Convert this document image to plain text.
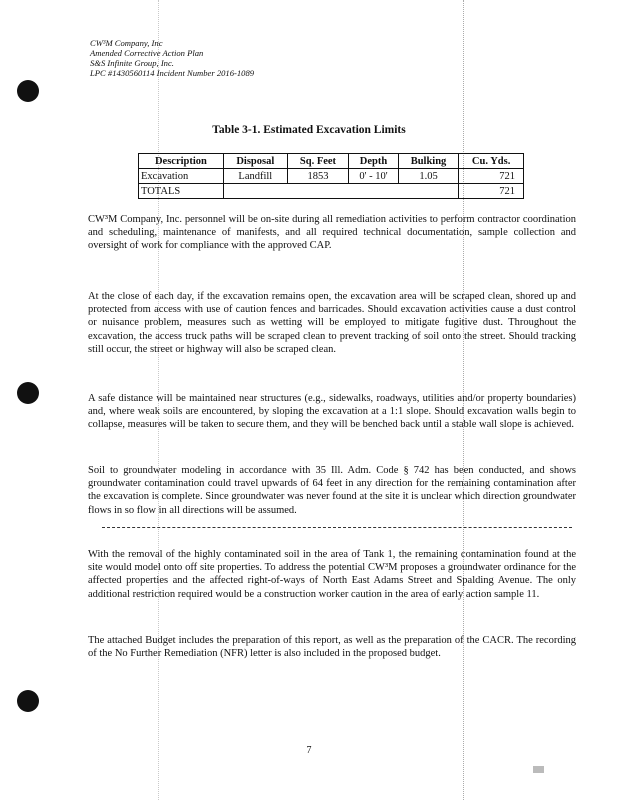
CW³M Company, Inc
Amended Corrective Action Plan
S&S Infinite Group, Inc.
LPC #1430560114 Incident Number 2016-1089
Table 3-1. Estimated Excavation Limits
Description	Disposal	Sq. Feet	Depth	Bulking	Cu. Yds.
Excavation	Landfill	1853	0' - 10'	1.05	721
TOTALS					721

CW³M Company, Inc. personnel will be on-site during all remediation activities to perform contractor coordination and scheduling, maintenance of manifests, and all required technical documentation, sample collection and oversight of work for compliance with the approved CAP.

At the close of each day, if the excavation remains open, the excavation area will be scraped clean, shored up and protected from access with use of caution fences and barricades. Should excavation activities cause a dust control or nuisance problem, measures such as wetting will be employed to mitigate fugitive dust. Throughout the excavation, the access truck paths will be scraped clean to prevent tracking of soil onto the street. Should tracking still occur, the street or highway will also be scraped clean.

A safe distance will be maintained near structures (e.g., sidewalks, roadways, utilities and/or property boundaries) and, where weak soils are encountered, by sloping the excavation at a 1:1 slope. Should excavation walls begin to collapse, measures will be taken to secure them, and they will be benched back until a stable wall slope is achieved.

Soil to groundwater modeling in accordance with 35 Ill. Adm. Code § 742 has been conducted, and shows groundwater contamination could travel upwards of 64 feet in any direction for the remaining contamination after the excavation is complete. Since groundwater was never found at the site it is unclear which direction groundwater flows in so flow in all directions will be assumed.

With the removal of the highly contaminated soil in the area of Tank 1, the remaining contamination found at the site would model onto off site properties. To address the potential CW³M proposes a groundwater ordinance for the affected properties and the affected right-of-ways of North East Adams Street and Spalding Avenue. The only additional restriction required would be a construction worker caution in the area of early action sample 11.

The attached Budget includes the preparation of this report, as well as the preparation of the CACR. The recording of the No Further Remediation (NFR) letter is also included in the proposed budget.

7
